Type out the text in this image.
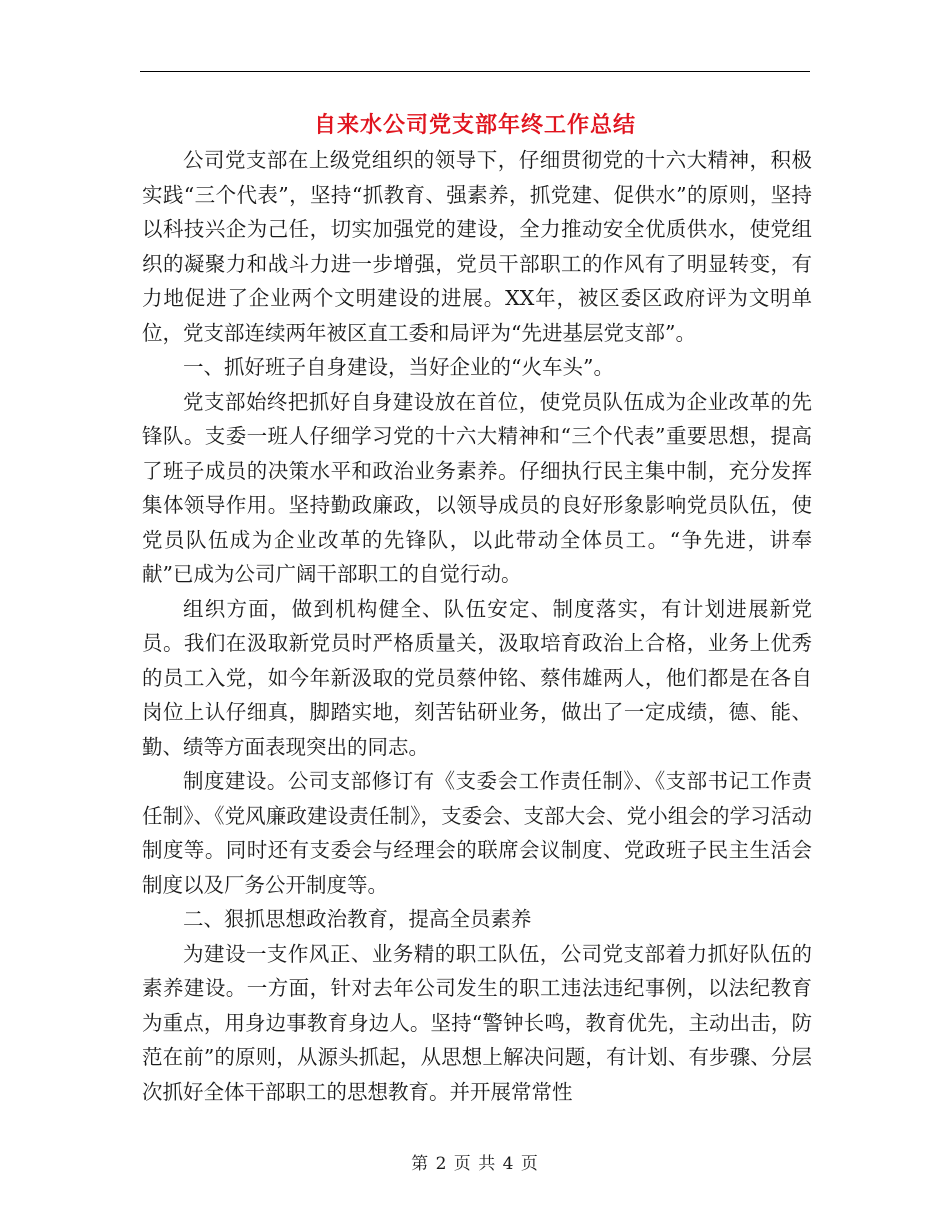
自来水公司党支部年终工作总结

公司党支部在上级党组织的领导下，仔细贯彻党的十六大精神，积极实践“三个代表”，坚持“抓教育、强素养，抓党建、促供水”的原则，坚持以科技兴企为己任，切实加强党的建设，全力推动安全优质供水，使党组织的凝聚力和战斗力进一步增强，党员干部职工的作风有了明显转变，有力地促进了企业两个文明建设的进展。XX年，被区委区政府评为文明单位，党支部连续两年被区直工委和局评为“先进基层党支部”。

一、抓好班子自身建设，当好企业的“火车头”。

党支部始终把抓好自身建设放在首位，使党员队伍成为企业改革的先锋队。支委一班人仔细学习党的十六大精神和“三个代表”重要思想，提高了班子成员的决策水平和政治业务素养。仔细执行民主集中制，充分发挥集体领导作用。坚持勤政廉政，以领导成员的良好形象影响党员队伍，使党员队伍成为企业改革的先锋队，以此带动全体员工。“争先进，讲奉献”已成为公司广阔干部职工的自觉行动。

组织方面，做到机构健全、队伍安定、制度落实，有计划进展新党员。我们在汲取新党员时严格质量关，汲取培育政治上合格，业务上优秀的员工入党，如今年新汲取的党员蔡仲铭、蔡伟雄两人，他们都是在各自岗位上认仔细真，脚踏实地，刻苦钻研业务，做出了一定成绩，德、能、勤、绩等方面表现突出的同志。

制度建设。公司支部修订有《支委会工作责任制》、《支部书记工作责任制》、《党风廉政建设责任制》，支委会、支部大会、党小组会的学习活动制度等。同时还有支委会与经理会的联席会议制度、党政班子民主生活会制度以及厂务公开制度等。

二、狠抓思想政治教育，提高全员素养

为建设一支作风正、业务精的职工队伍，公司党支部着力抓好队伍的素养建设。一方面，针对去年公司发生的职工违法违纪事例，以法纪教育为重点，用身边事教育身边人。坚持“警钟长鸣，教育优先，主动出击，防范在前”的原则，从源头抓起，从思想上解决问题，有计划、有步骤、分层次抓好全体干部职工的思想教育。并开展常常性

第 2 页 共 4 页
